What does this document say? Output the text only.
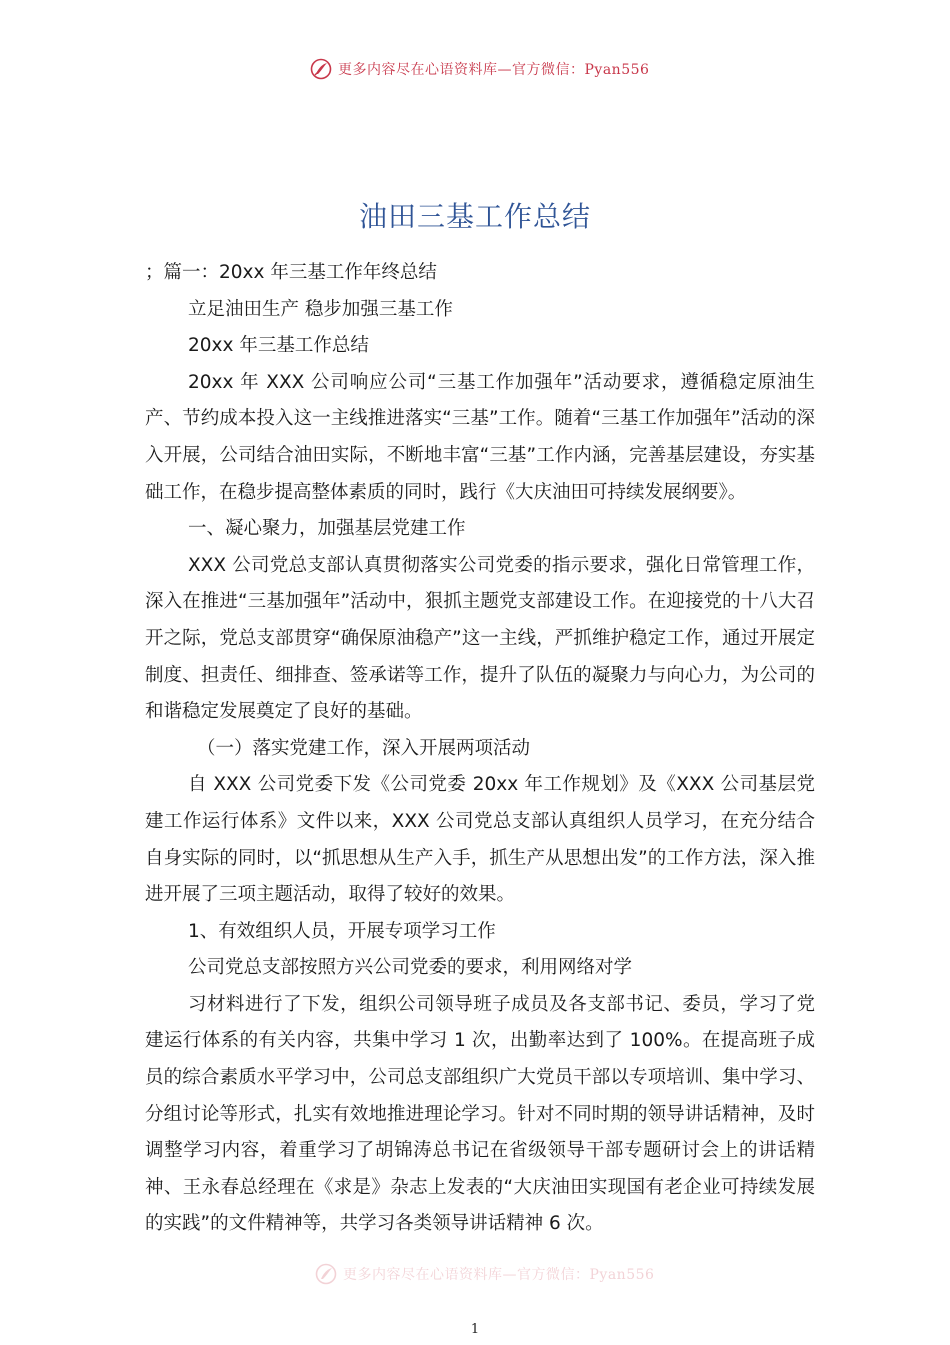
更多内容尽在心语资料库—官方微信：Pyan556
油田三基工作总结

；篇一：20xx 年三基工作年终总结

立足油田生产 稳步加强三基工作

20xx 年三基工作总结

20xx 年 XXX 公司响应公司“三基工作加强年”活动要求，遵循稳定原油生产、节约成本投入这一主线推进落实“三基”工作。随着“三基工作加强年”活动的深入开展，公司结合油田实际，不断地丰富“三基”工作内涵，完善基层建设，夯实基础工作，在稳步提高整体素质的同时，践行《大庆油田可持续发展纲要》。

一、凝心聚力，加强基层党建工作

XXX 公司党总支部认真贯彻落实公司党委的指示要求，强化日常管理工作，深入在推进“三基加强年”活动中，狠抓主题党支部建设工作。在迎接党的十八大召开之际，党总支部贯穿“确保原油稳产”这一主线，严抓维护稳定工作，通过开展定制度、担责任、细排查、签承诺等工作，提升了队伍的凝聚力与向心力，为公司的和谐稳定发展奠定了良好的基础。

（一）落实党建工作，深入开展两项活动

自 XXX 公司党委下发《公司党委 20xx 年工作规划》及《XXX 公司基层党建工作运行体系》文件以来，XXX 公司党总支部认真组织人员学习，在充分结合自身实际的同时，以“抓思想从生产入手，抓生产从思想出发”的工作方法，深入推进开展了三项主题活动，取得了较好的效果。

1、有效组织人员，开展专项学习工作

公司党总支部按照方兴公司党委的要求，利用网络对学

习材料进行了下发，组织公司领导班子成员及各支部书记、委员，学习了党建运行体系的有关内容，共集中学习 1 次，出勤率达到了 100%。在提高班子成员的综合素质水平学习中，公司总支部组织广大党员干部以专项培训、集中学习、分组讨论等形式，扎实有效地推进理论学习。针对不同时期的领导讲话精神，及时调整学习内容，着重学习了胡锦涛总书记在省级领导干部专题研讨会上的讲话精神、王永春总经理在《求是》杂志上发表的“大庆油田实现国有老企业可持续发展的实践”的文件精神等，共学习各类领导讲话精神 6 次。

更多内容尽在心语资料库—官方微信：Pyan556
1
